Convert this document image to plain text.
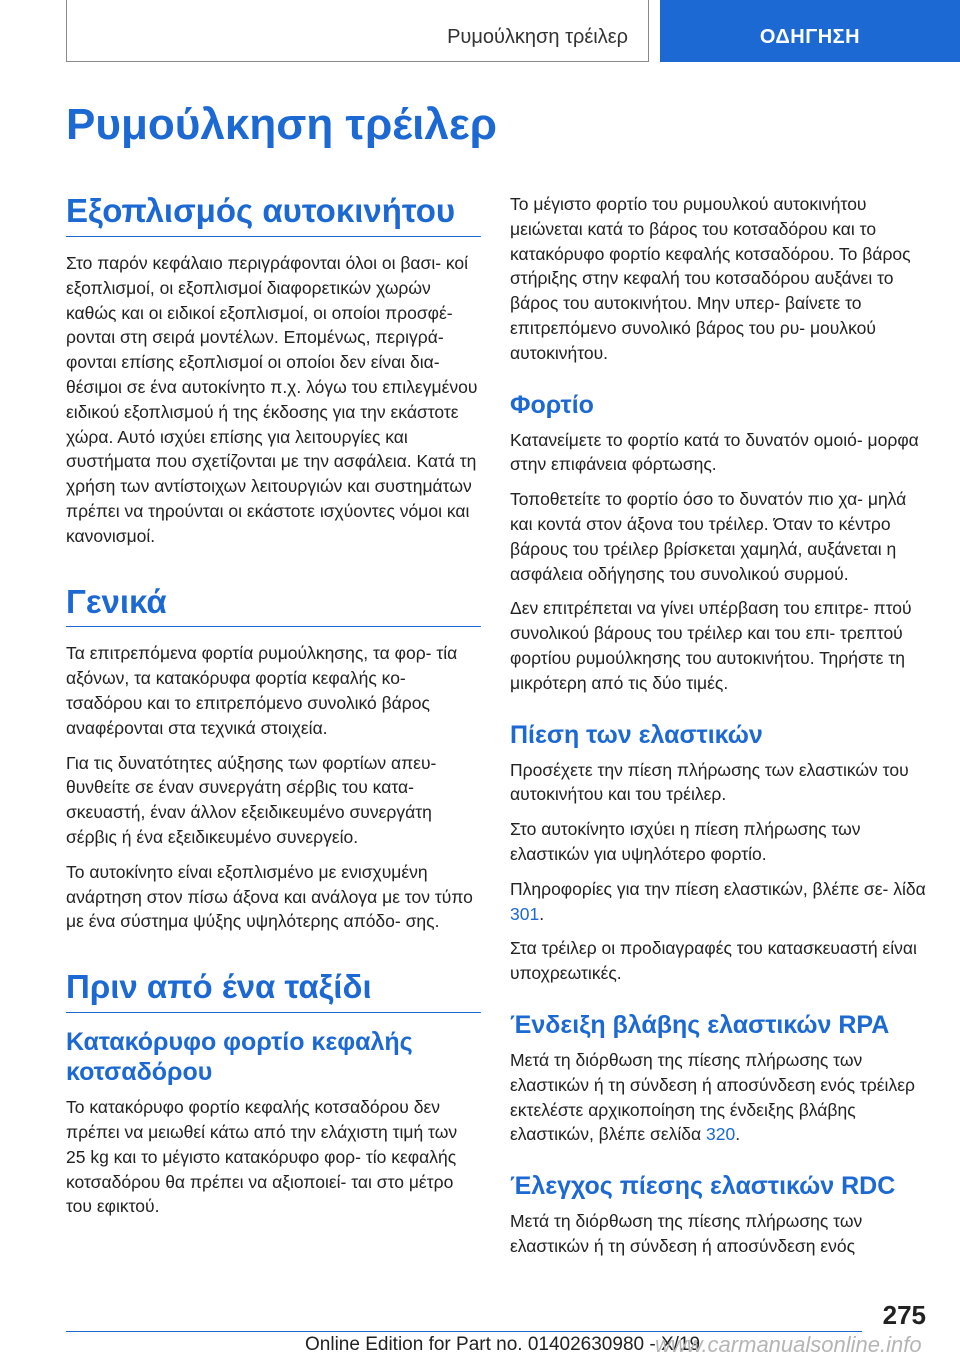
Ρυμούλκηση τρέιλερ	ΟΔΗΓΗΣΗ
Ρυμούλκηση τρέιλερ
Εξοπλισμός αυτοκινήτου

Στο παρόν κεφάλαιο περιγράφονται όλοι οι βασι- κοί εξοπλισμοί, οι εξοπλισμοί διαφορετικών χωρών καθώς και οι ειδικοί εξοπλισμοί, οι οποίοι προσφέ- ρονται στη σειρά μοντέλων. Επομένως, περιγρά- φονται επίσης εξοπλισμοί οι οποίοι δεν είναι δια- θέσιμοι σε ένα αυτοκίνητο π.χ. λόγω του επιλεγμένου ειδικού εξοπλισμού ή της έκδοσης για την εκάστοτε χώρα. Αυτό ισχύει επίσης για λειτουργίες και συστήματα που σχετίζονται με την ασφάλεια. Κατά τη χρήση των αντίστοιχων λειτουργιών και συστημάτων πρέπει να τηρούνται οι εκάστοτε ισχύοντες νόμοι και κανονισμοί.

Γενικά

Τα επιτρεπόμενα φορτία ρυμούλκησης, τα φορ- τία αξόνων, τα κατακόρυφα φορτία κεφαλής κο- τσαδόρου και το επιτρεπόμενο συνολικό βάρος αναφέρονται στα τεχνικά στοιχεία.

Για τις δυνατότητες αύξησης των φορτίων απευ- θυνθείτε σε έναν συνεργάτη σέρβις του κατα- σκευαστή, έναν άλλον εξειδικευμένο συνεργάτη σέρβις ή ένα εξειδικευμένο συνεργείο.

Το αυτοκίνητο είναι εξοπλισμένο με ενισχυμένη ανάρτηση στον πίσω άξονα και ανάλογα με τον τύπο με ένα σύστημα ψύξης υψηλότερης απόδο- σης.

Πριν από ένα ταξίδι
Κατακόρυφο φορτίο κεφαλής κοτσαδόρου

Το κατακόρυφο φορτίο κεφαλής κοτσαδόρου δεν πρέπει να μειωθεί κάτω από την ελάχιστη τιμή των 25 kg και το μέγιστο κατακόρυφο φορ- τίο κεφαλής κοτσαδόρου θα πρέπει να αξιοποιεί- ται στο μέτρο του εφικτού.

Το μέγιστο φορτίο του ρυμουλκού αυτοκινήτου μειώνεται κατά το βάρος του κοτσαδόρου και το κατακόρυφο φορτίο κεφαλής κοτσαδόρου. Το βάρος στήριξης στην κεφαλή του κοτσαδόρου αυξάνει το βάρος του αυτοκινήτου. Μην υπερ- βαίνετε το επιτρεπόμενο συνολικό βάρος του ρυ- μουλκού αυτοκινήτου.

Φορτίο

Κατανείμετε το φορτίο κατά το δυνατόν ομοιό- μορφα στην επιφάνεια φόρτωσης.

Τοποθετείτε το φορτίο όσο το δυνατόν πιο χα- μηλά και κοντά στον άξονα του τρέιλερ. Όταν το κέντρο βάρους του τρέιλερ βρίσκεται χαμηλά, αυξάνεται η ασφάλεια οδήγησης του συνολικού συρμού.

Δεν επιτρέπεται να γίνει υπέρβαση του επιτρε- πτού συνολικού βάρους του τρέιλερ και του επι- τρεπτού φορτίου ρυμούλκησης του αυτοκινήτου. Τηρήστε τη μικρότερη από τις δύο τιμές.

Πίεση των ελαστικών

Προσέχετε την πίεση πλήρωσης των ελαστικών του αυτοκινήτου και του τρέιλερ.

Στο αυτοκίνητο ισχύει η πίεση πλήρωσης των ελαστικών για υψηλότερο φορτίο.

Πληροφορίες για την πίεση ελαστικών, βλέπε σε- λίδα 301.

Στα τρέιλερ οι προδιαγραφές του κατασκευαστή είναι υποχρεωτικές.

Ένδειξη βλάβης ελαστικών RPA

Μετά τη διόρθωση της πίεσης πλήρωσης των ελαστικών ή τη σύνδεση ή αποσύνδεση ενός τρέιλερ εκτελέστε αρχικοποίηση της ένδειξης βλάβης ελαστικών, βλέπε σελίδα 320.

Έλεγχος πίεσης ελαστικών RDC

Μετά τη διόρθωση της πίεσης πλήρωσης των ελαστικών ή τη σύνδεση ή αποσύνδεση ενός

275
Online Edition for Part no. 01402630980 - X/19
www.carmanualsonline.info
